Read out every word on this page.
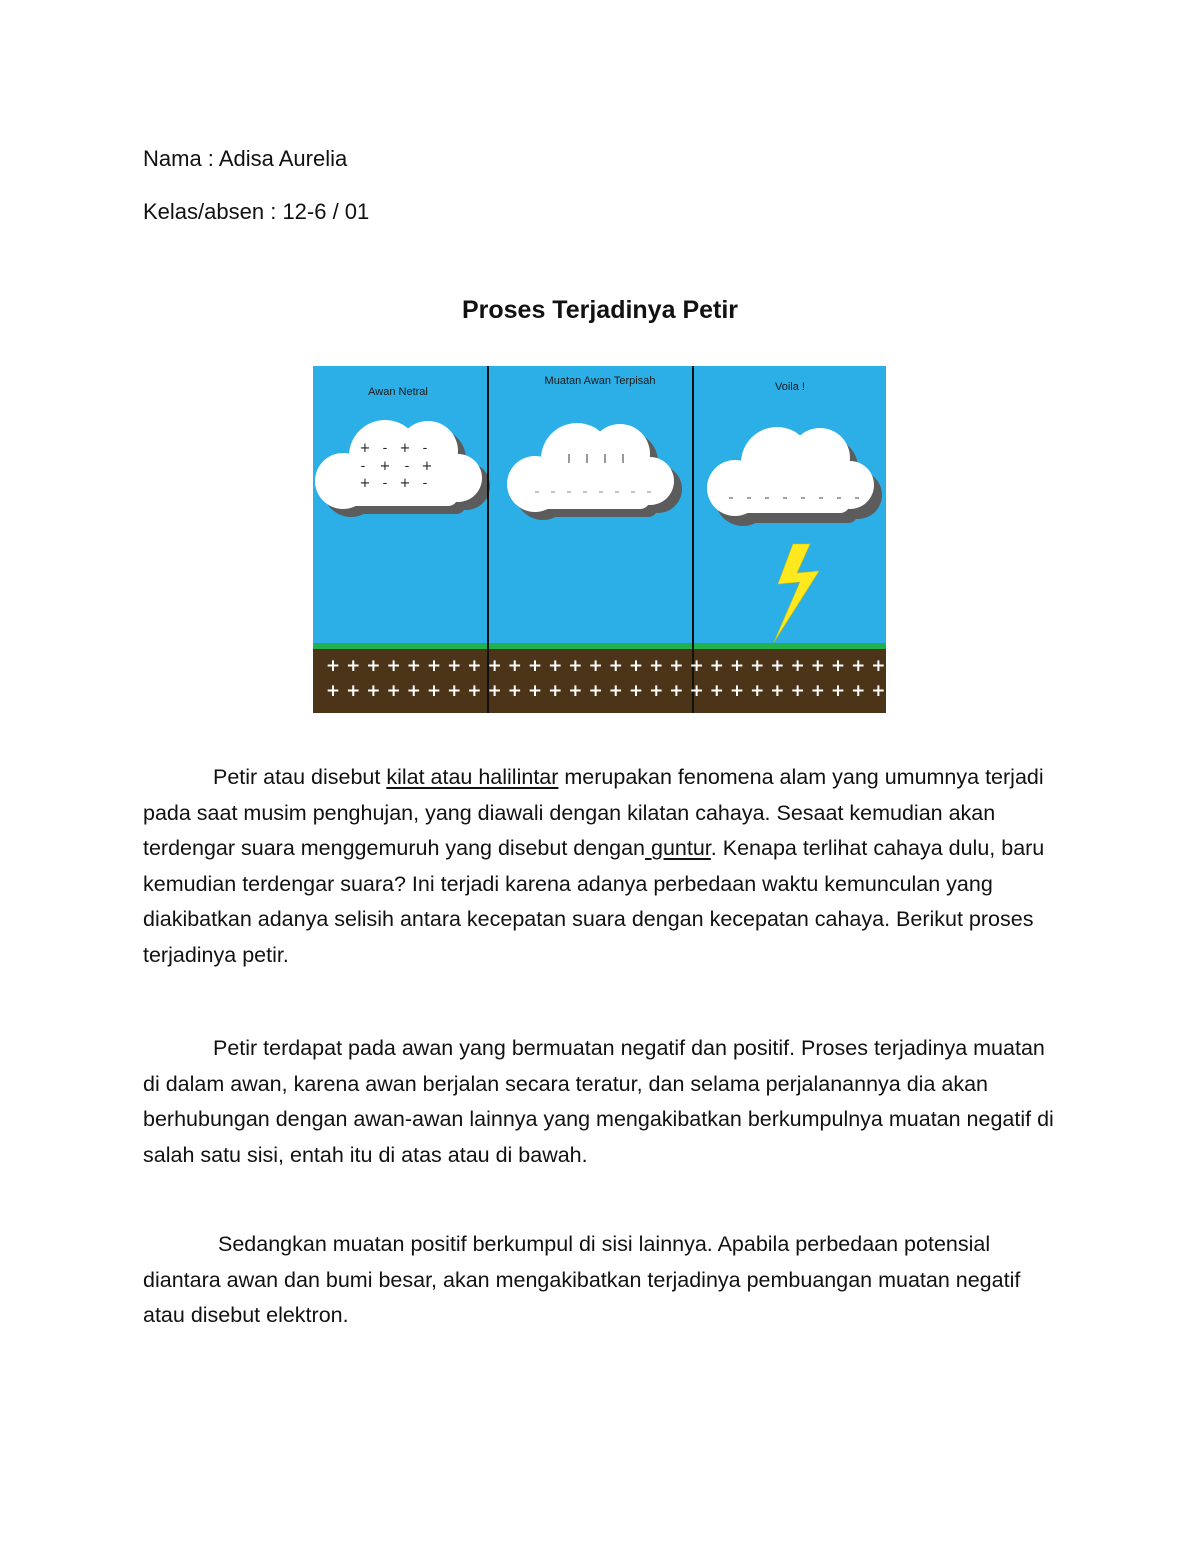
Nama : Adisa Aurelia
Kelas/absen : 12-6 / 01
Proses Terjadinya Petir
Awan Netral
Muatan Awan Terpisah	Voila !
+ - + -
- + - +
+ - + -
+ + + + + + + + + + + + + + + + + + + + + + + + + + + +
+ + + + + + + + + + + + + + + + + + + + + + + + + + + +

Petir atau disebut kilat atau halilintar merupakan fenomena alam yang umumnya terjadi pada saat musim penghujan, yang diawali dengan kilatan cahaya. Sesaat kemudian akan terdengar suara menggemuruh yang disebut dengan guntur. Kenapa terlihat cahaya dulu, baru kemudian terdengar suara? Ini terjadi karena adanya perbedaan waktu kemunculan yang diakibatkan adanya selisih antara kecepatan suara dengan kecepatan cahaya. Berikut proses terjadinya petir.

Petir terdapat pada awan yang bermuatan negatif dan positif. Proses terjadinya muatan di dalam awan, karena awan berjalan secara teratur, dan selama perjalanannya dia akan berhubungan dengan awan-awan lainnya yang mengakibatkan berkumpulnya muatan negatif di salah satu sisi, entah itu di atas atau di bawah.

Sedangkan muatan positif berkumpul di sisi lainnya. Apabila perbedaan potensial diantara awan dan bumi besar, akan mengakibatkan terjadinya pembuangan muatan negatif atau disebut elektron.
